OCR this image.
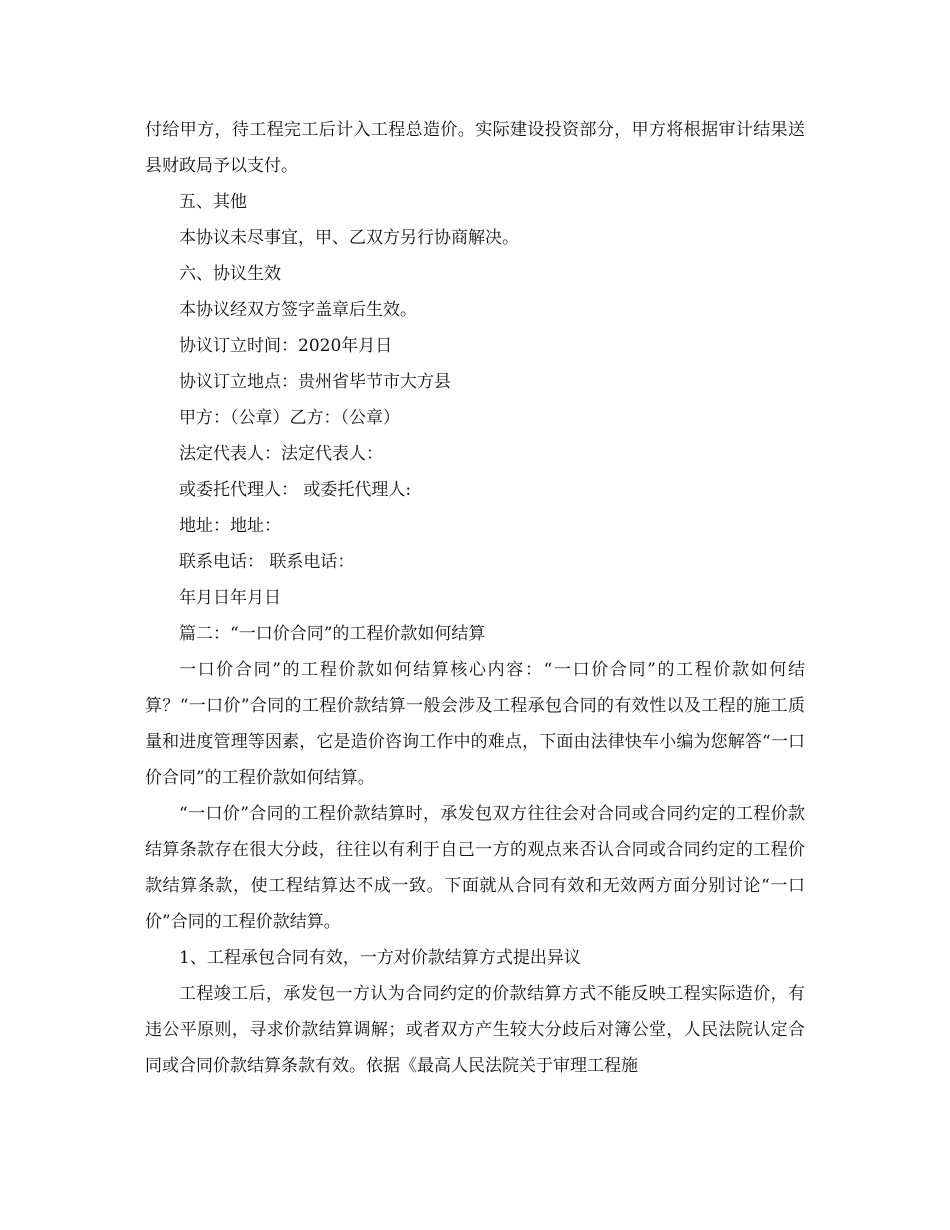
付给甲方，待工程完工后计入工程总造价。实际建设投资部分，甲方将根据审计结果送县财政局予以支付。

五、其他

本协议未尽事宜，甲、乙双方另行协商解决。

六、协议生效

本协议经双方签字盖章后生效。

协议订立时间：2020年月日

协议订立地点：贵州省毕节市大方县

甲方：（公章）乙方：（公章）

法定代表人：法定代表人：

或委托代理人： 或委托代理人:

地址：地址：

联系电话： 联系电话：

年月日年月日

篇二：“一口价合同”的工程价款如何结算

一口价合同”的工程价款如何结算核心内容：“一口价合同”的工程价款如何结算？“一口价”合同的工程价款结算一般会涉及工程承包合同的有效性以及工程的施工质量和进度管理等因素，它是造价咨询工作中的难点，下面由法律快车小编为您解答“一口价合同”的工程价款如何结算。

“一口价”合同的工程价款结算时，承发包双方往往会对合同或合同约定的工程价款结算条款存在很大分歧，往往以有利于自己一方的观点来否认合同或合同约定的工程价款结算条款，使工程结算达不成一致。下面就从合同有效和无效两方面分别讨论“一口价”合同的工程价款结算。

1、工程承包合同有效，一方对价款结算方式提出异议

工程竣工后，承发包一方认为合同约定的价款结算方式不能反映工程实际造价，有违公平原则，寻求价款结算调解；或者双方产生较大分歧后对簿公堂，人民法院认定合同或合同价款结算条款有效。依据《最高人民法院关于审理工程施
